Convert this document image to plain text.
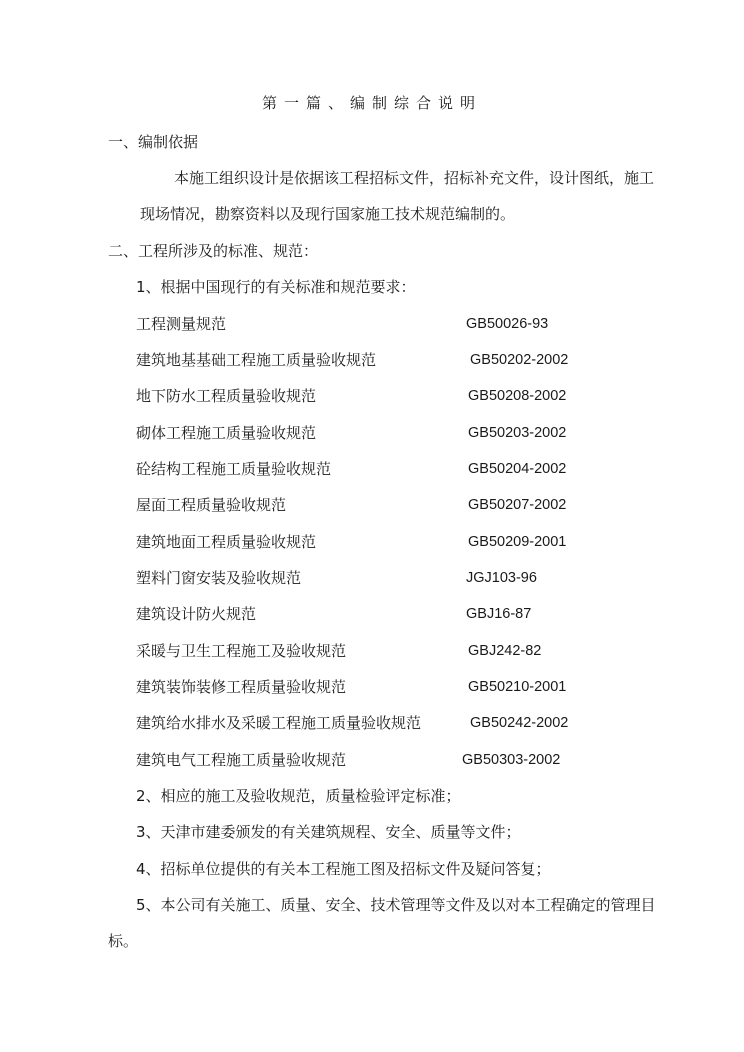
第一篇、编制综合说明
一、编制依据
本施工组织设计是依据该工程招标文件，招标补充文件，设计图纸，施工
现场情况，勘察资料以及现行国家施工技术规范编制的。
二、工程所涉及的标准、规范：
1、根据中国现行的有关标准和规范要求：
工程测量规范	GB50026-93
建筑地基基础工程施工质量验收规范	GB50202-2002
地下防水工程质量验收规范	GB50208-2002
砌体工程施工质量验收规范	GB50203-2002
砼结构工程施工质量验收规范	GB50204-2002
屋面工程质量验收规范	GB50207-2002
建筑地面工程质量验收规范	GB50209-2001
塑料门窗安装及验收规范	JGJ103-96
建筑设计防火规范	GBJ16-87
采暖与卫生工程施工及验收规范	GBJ242-82
建筑装饰装修工程质量验收规范	GB50210-2001
建筑给水排水及采暖工程施工质量验收规范	GB50242-2002
建筑电气工程施工质量验收规范	GB50303-2002
2、相应的施工及验收规范，质量检验评定标准；
3、天津市建委颁发的有关建筑规程、安全、质量等文件；
4、招标单位提供的有关本工程施工图及招标文件及疑问答复；
5、本公司有关施工、质量、安全、技术管理等文件及以对本工程确定的管理目
标。
